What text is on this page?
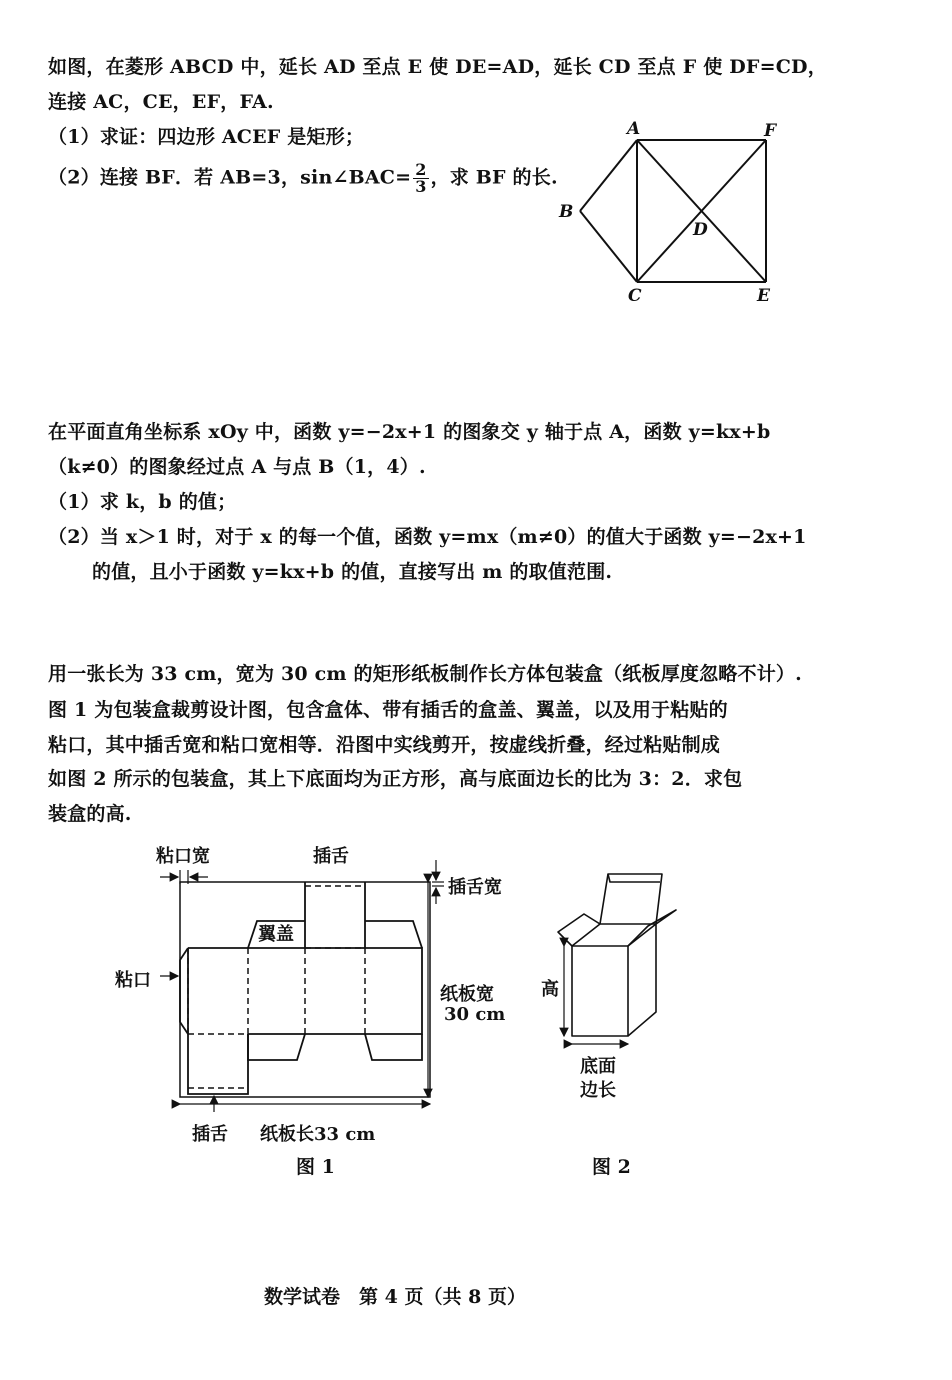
如图，在菱形 ABCD 中，延长 AD 至点 E 使 DE=AD，延长 CD 至点 F 使 DF=CD，
连接 AC，CE，EF，FA.
（1）求证：四边形 ACEF 是矩形；
（2）连接 BF．若 AB=3，sin∠BAC= $\frac{2}{3}$ ，求 BF 的长.
A	F
B
D
C	E
在平面直角坐标系 xOy 中，函数 y=−2x+1 的图象交 y 轴于点 A，函数 y=kx+b
（k≠0）的图象经过点 A 与点 B（1，4）.
（1）求 k，b 的值；
（2）当 x＞1 时，对于 x 的每一个值，函数 y=mx（m≠0）的值大于函数 y=−2x+1
的值，且小于函数 y=kx+b 的值，直接写出 m 的取值范围.
用一张长为 33 cm，宽为 30 cm 的矩形纸板制作长方体包装盒（纸板厚度忽略不计）.
图 1 为包装盒裁剪设计图，包含盒体、带有插舌的盒盖、翼盖，以及用于粘贴的
粘口，其中插舌宽和粘口宽相等．沿图中实线剪开，按虚线折叠，经过粘贴制成
如图 2 所示的包装盒，其上下底面均为正方形，高与底面边长的比为 3：2．求包
装盒的高.
粘口宽	插舌
插舌宽
翼盖
粘口
纸板宽
30 cm
插舌 纸板长33 cm
图 1
高
底面
边长
图 2
数学试卷　第 4 页（共 8 页）
